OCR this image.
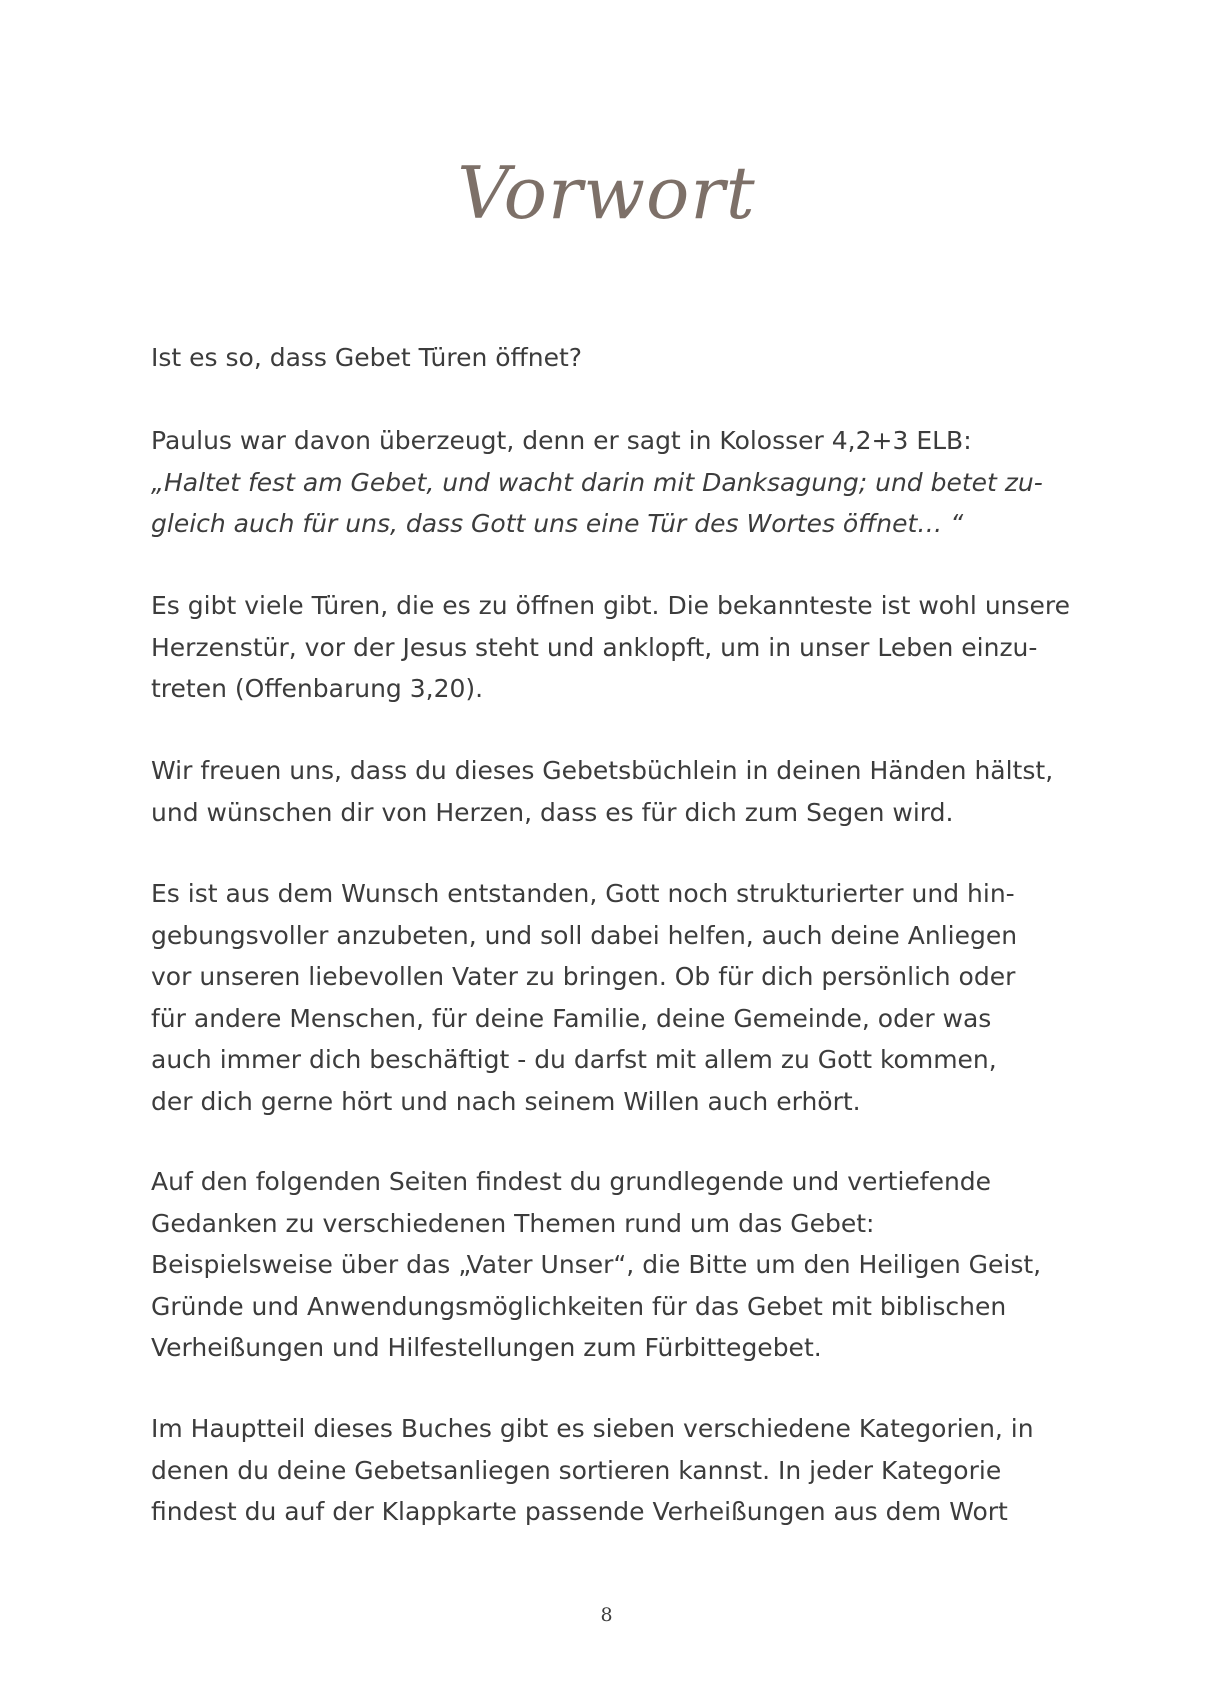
Vorwort

Ist es so, dass Gebet Türen öffnet?

Paulus war davon überzeugt, denn er sagt in Kolosser 4,2+3 ELB:
„Haltet fest am Gebet, und wacht darin mit Danksagung; und betet zu-
gleich auch für uns, dass Gott uns eine Tür des Wortes öffnet… “

Es gibt viele Türen, die es zu öffnen gibt. Die bekannteste ist wohl unsere
Herzenstür, vor der Jesus steht und anklopft, um in unser Leben einzu-
treten (Offenbarung 3,20).

Wir freuen uns, dass du dieses Gebetsbüchlein in deinen Händen hältst,
und wünschen dir von Herzen, dass es für dich zum Segen wird.

Es ist aus dem Wunsch entstanden, Gott noch strukturierter und hin-
gebungsvoller anzubeten, und soll dabei helfen, auch deine Anliegen
vor unseren liebevollen Vater zu bringen. Ob für dich persönlich oder
für andere Menschen, für deine Familie, deine Gemeinde, oder was
auch immer dich beschäftigt - du darfst mit allem zu Gott kommen,
der dich gerne hört und nach seinem Willen auch erhört.

Auf den folgenden Seiten findest du grundlegende und vertiefende
Gedanken zu verschiedenen Themen rund um das Gebet:
Beispielsweise über das „Vater Unser“, die Bitte um den Heiligen Geist,
Gründe und Anwendungsmöglichkeiten für das Gebet mit biblischen
Verheißungen und Hilfestellungen zum Fürbittegebet.

Im Hauptteil dieses Buches gibt es sieben verschiedene Kategorien, in
denen du deine Gebetsanliegen sortieren kannst. In jeder Kategorie
findest du auf der Klappkarte passende Verheißungen aus dem Wort

8
